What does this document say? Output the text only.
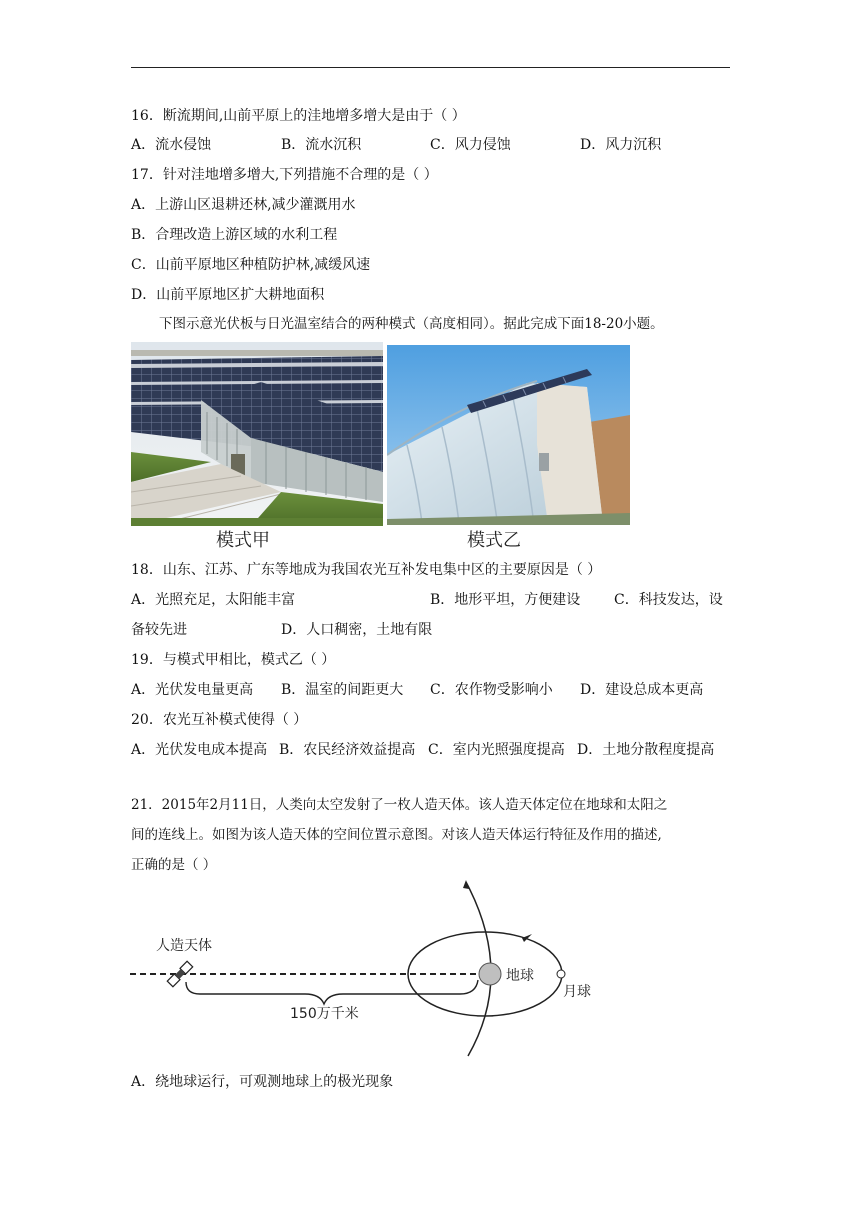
16．断流期间,山前平原上的洼地增多增大是由于（ ）
A．流水侵蚀	B．流水沉积	C．风力侵蚀	D．风力沉积
17．针对洼地增多增大,下列措施不合理的是（ ）
A．上游山区退耕还林,减少灌溉用水
B．合理改造上游区域的水利工程
C．山前平原地区种植防护林,减缓风速
D．山前平原地区扩大耕地面积
下图示意光伏板与日光温室结合的两种模式（高度相同）。据此完成下面18-20小题。
模式甲	模式乙
18．山东、江苏、广东等地成为我国农光互补发电集中区的主要原因是（ ）
A．光照充足，太阳能丰富	B．地形平坦，方便建设 C．科技发达，设
备较先进	D．人口稠密，土地有限
19．与模式甲相比，模式乙（ ）
A．光伏发电量更高 B．温室的间距更大 C．农作物受影响小 D．建设总成本更高
20．农光互补模式使得（ ）
A．光伏发电成本提高 B．农民经济效益提高 C．室内光照强度提高 D．土地分散程度提高
21．2015年2月11日，人类向太空发射了一枚人造天体。该人造天体定位在地球和太阳之
间的连线上。如图为该人造天体的空间位置示意图。对该人造天体运行特征及作用的描述,
正确的是（ ）
人造天体
地球
月球
150万千米
A．绕地球运行，可观测地球上的极光现象
